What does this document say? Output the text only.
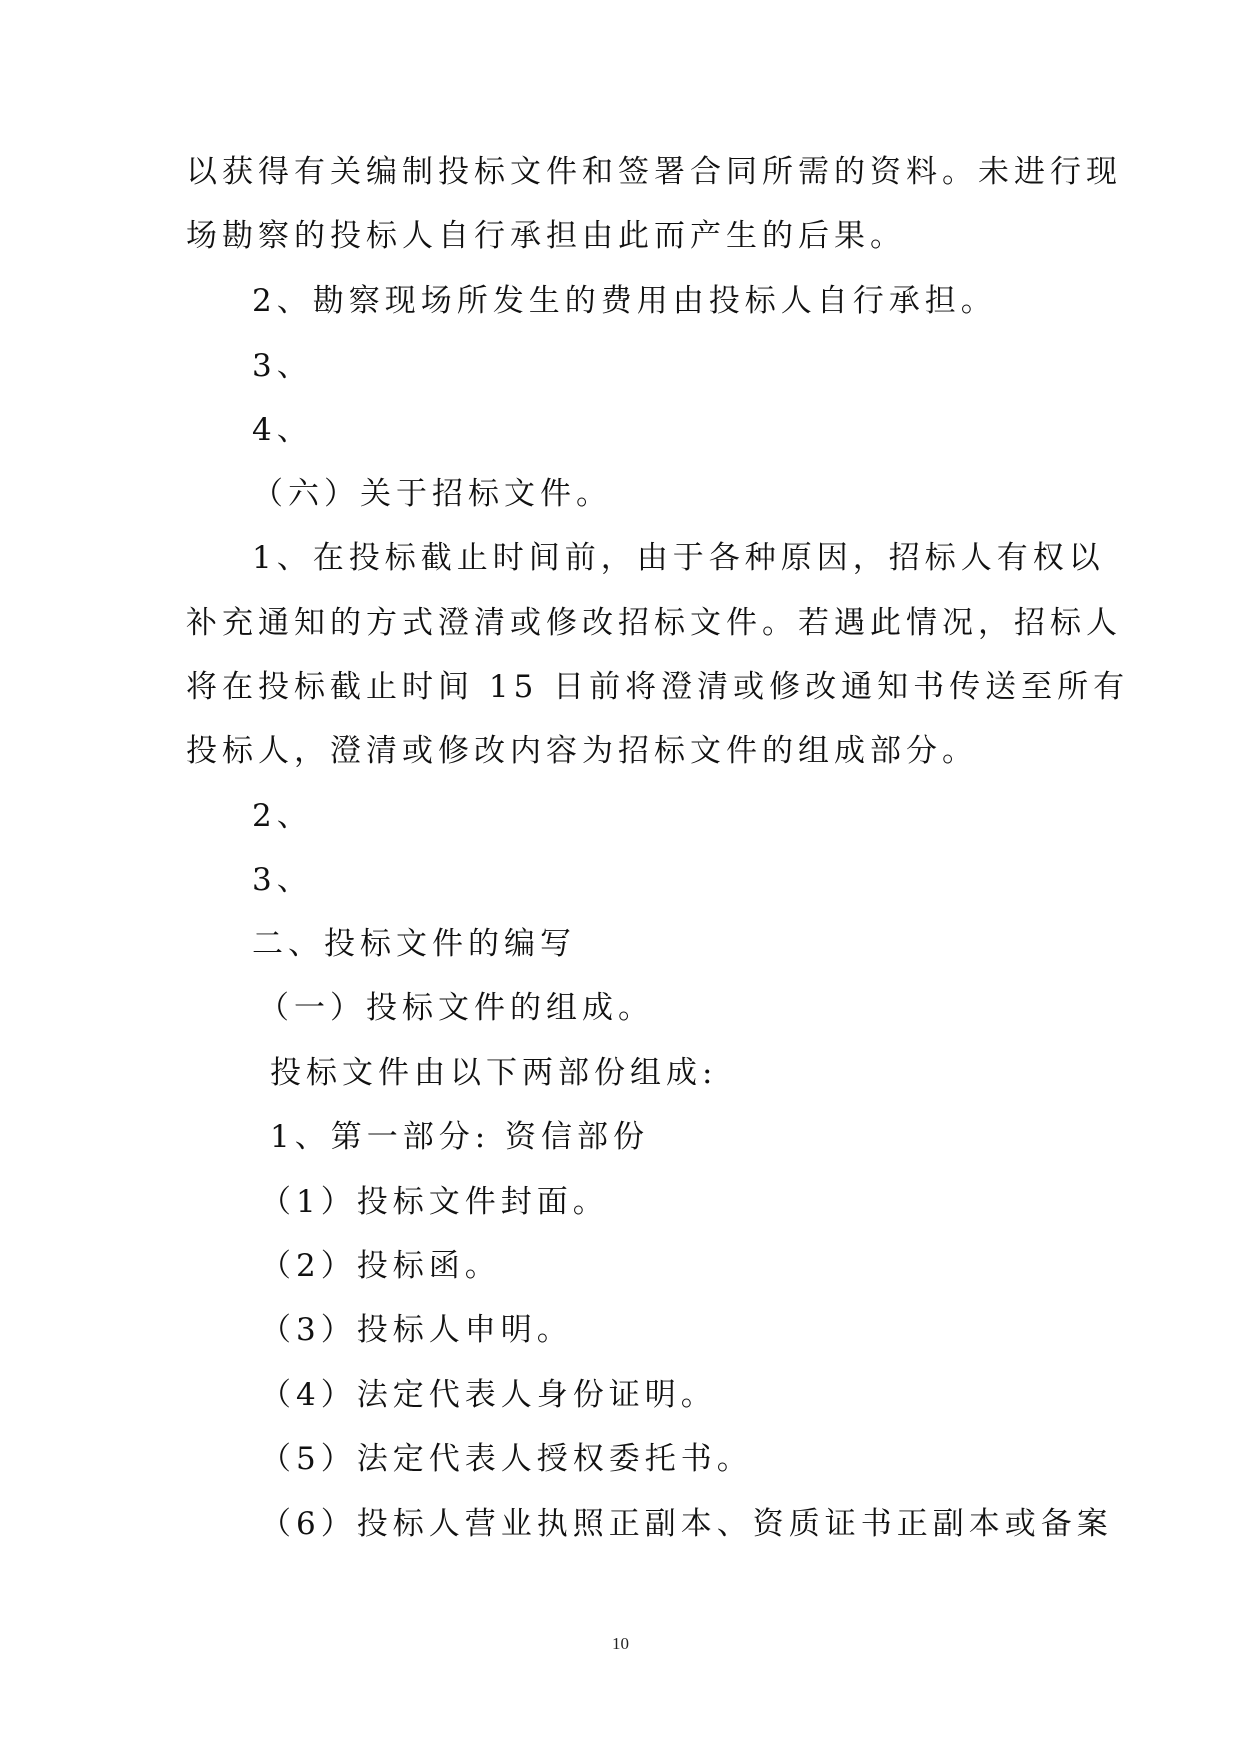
以获得有关编制投标文件和签署合同所需的资料。未进行现
场勘察的投标人自行承担由此而产生的后果。
2、勘察现场所发生的费用由投标人自行承担。
3、
4、
（六）关于招标文件。
1、在投标截止时间前，由于各种原因，招标人有权以
补充通知的方式澄清或修改招标文件。若遇此情况，招标人
将在投标截止时间 15 日前将澄清或修改通知书传送至所有
投标人，澄清或修改内容为招标文件的组成部分。
2、
3、
二、投标文件的编写
（一）投标文件的组成。
投标文件由以下两部份组成:
1、第一部分: 资信部份
（1）投标文件封面。
（2）投标函。
（3）投标人申明。
（4）法定代表人身份证明。
（5）法定代表人授权委托书。
（6）投标人营业执照正副本、资质证书正副本或备案
10
